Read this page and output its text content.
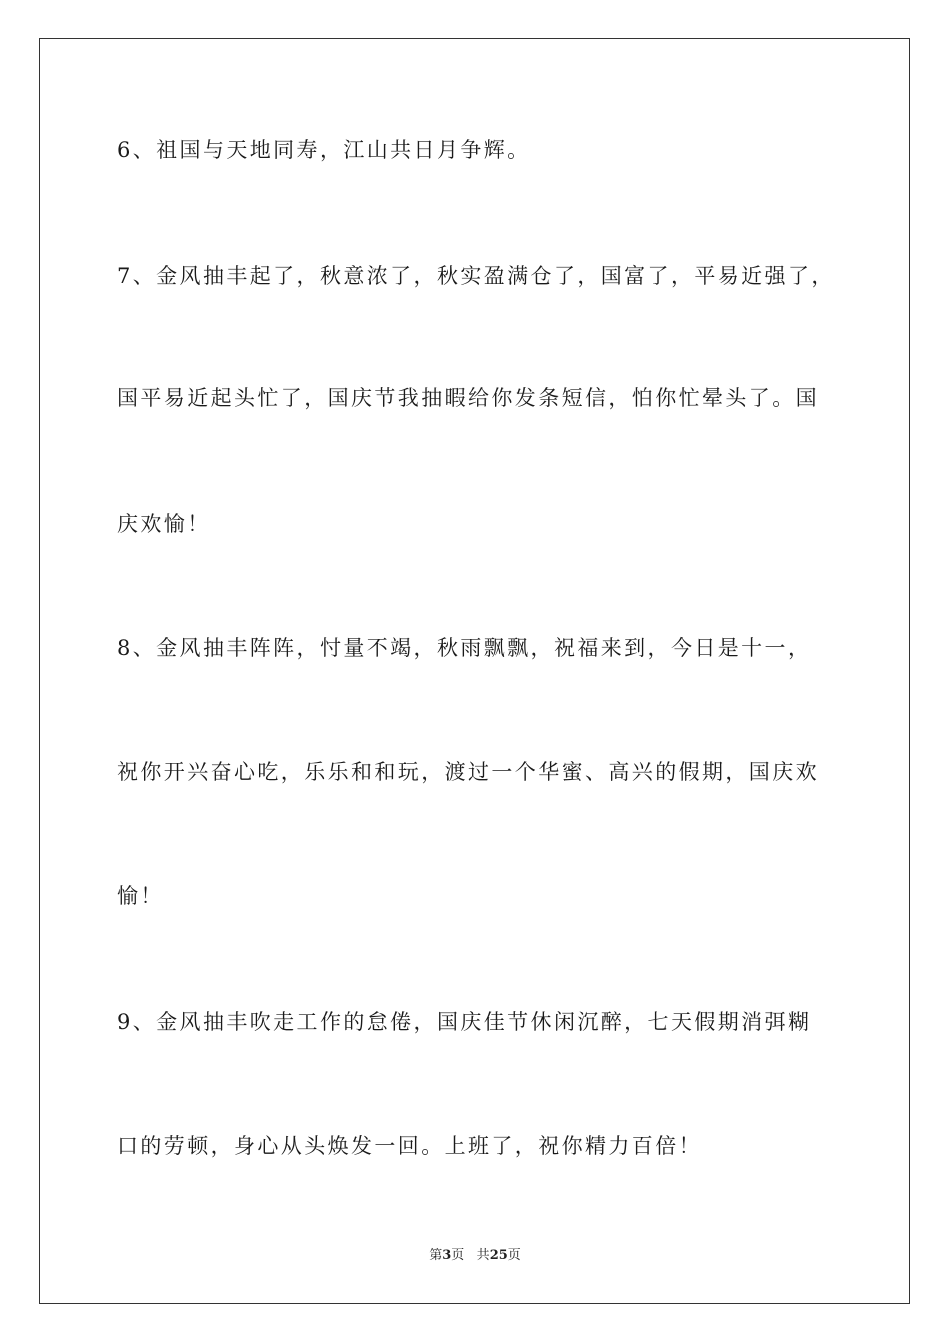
6、祖国与天地同寿，江山共日月争辉。
7、金风抽丰起了，秋意浓了，秋实盈满仓了，国富了，平易近强了，
国平易近起头忙了，国庆节我抽暇给你发条短信，怕你忙晕头了。国
庆欢愉！
8、金风抽丰阵阵，忖量不竭，秋雨飘飘，祝福来到，今日是十一，
祝你开兴奋心吃，乐乐和和玩，渡过一个华蜜、高兴的假期，国庆欢
愉！
9、金风抽丰吹走工作的怠倦，国庆佳节休闲沉醉，七天假期消弭糊
口的劳顿，身心从头焕发一回。上班了，祝你精力百倍！
第3页 共25页
